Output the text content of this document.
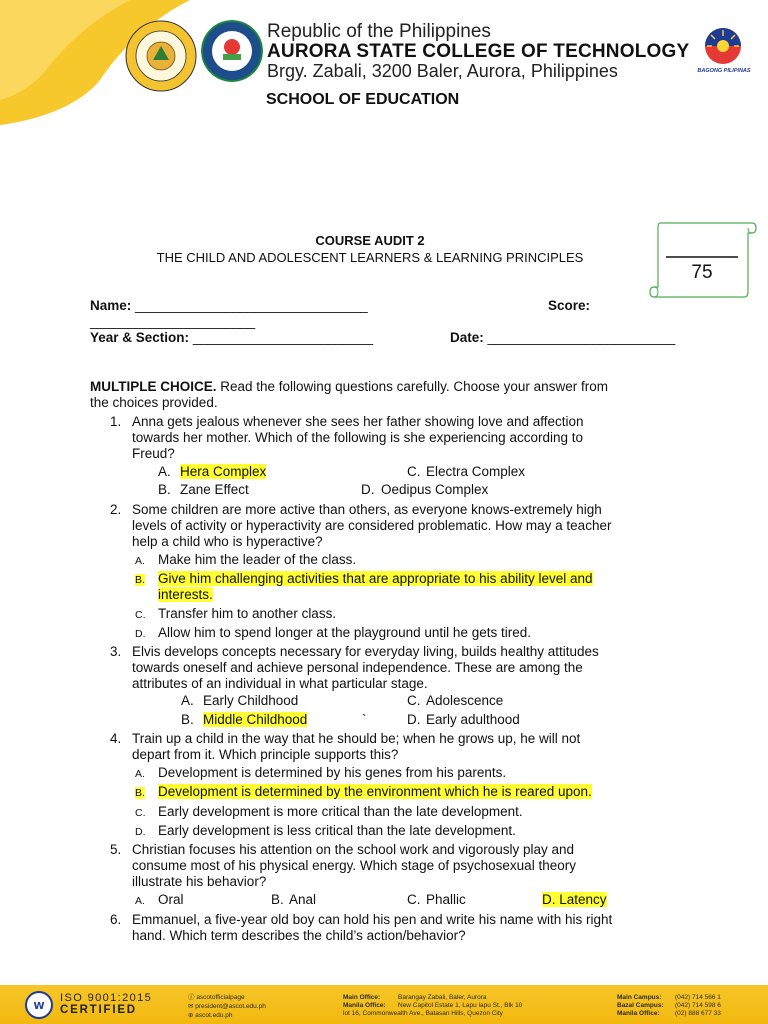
Republic of the Philippines
AURORA STATE COLLEGE OF TECHNOLOGY
Brgy. Zabali, 3200 Baler, Aurora, Philippines
SCHOOL OF EDUCATION
BAGONG PILIPINAS
COURSE AUDIT 2
THE CHILD AND ADOLESCENT LEARNERS & LEARNING PRINCIPLES
75
Name: _______________________________	Score:
______________________
Year & Section: ________________________	Date: _________________________
MULTIPLE CHOICE. Read the following questions carefully. Choose your answer from
the choices provided.
1. Anna gets jealous whenever she sees her father showing love and affection
towards her mother. Which of the following is she experiencing according to
Freud?
A. Hera Complex	C. Electra Complex
B. Zane Effect	D. Oedipus Complex
2. Some children are more active than others, as everyone knows-extremely high
levels of activity or hyperactivity are considered problematic. How may a teacher
help a child who is hyperactive?
A. Make him the leader of the class.
B. Give him challenging activities that are appropriate to his ability level and
interests.
C. Transfer him to another class.
D. Allow him to spend longer at the playground until he gets tired.
3. Elvis develops concepts necessary for everyday living, builds healthy attitudes
towards oneself and achieve personal independence. These are among the
attributes of an individual in what particular stage.
A. Early Childhood	C. Adolescence
B. Middle Childhood	`	D. Early adulthood
4. Train up a child in the way that he should be; when he grows up, he will not
depart from it. Which principle supports this?
A. Development is determined by his genes from his parents.
B. Development is determined by the environment which he is reared upon.
C. Early development is more critical than the late development.
D. Early development is less critical than the late development.
5. Christian focuses his attention on the school work and vigorously play and
consume most of his physical energy. Which stage of psychosexual theory
illustrate his behavior?
A. Oral	B. Anal	C. Phallic	D. Latency
6. Emmanuel, a five-year old boy can hold his pen and write his name with his right
hand. Which term describes the child’s action/behavior?
W
ISO 9001:2015
CERTIFIED
ⓕ ascotofficialpage
✉ president@ascot.edu.ph
⊕ ascot.edu.ph
Main Office:	Barangay Zabali, Baler, Aurora
Manila Office: New Capitol Estate 1, Lapu lapu St., Blk 10
lot 16, Commonwealth Ave., Batasan Hills, Quezon City
Main Campus: (042) 714 566 1
Bazal Campus: (042) 714 598 6
Manila Office: (02) 888 677 33
